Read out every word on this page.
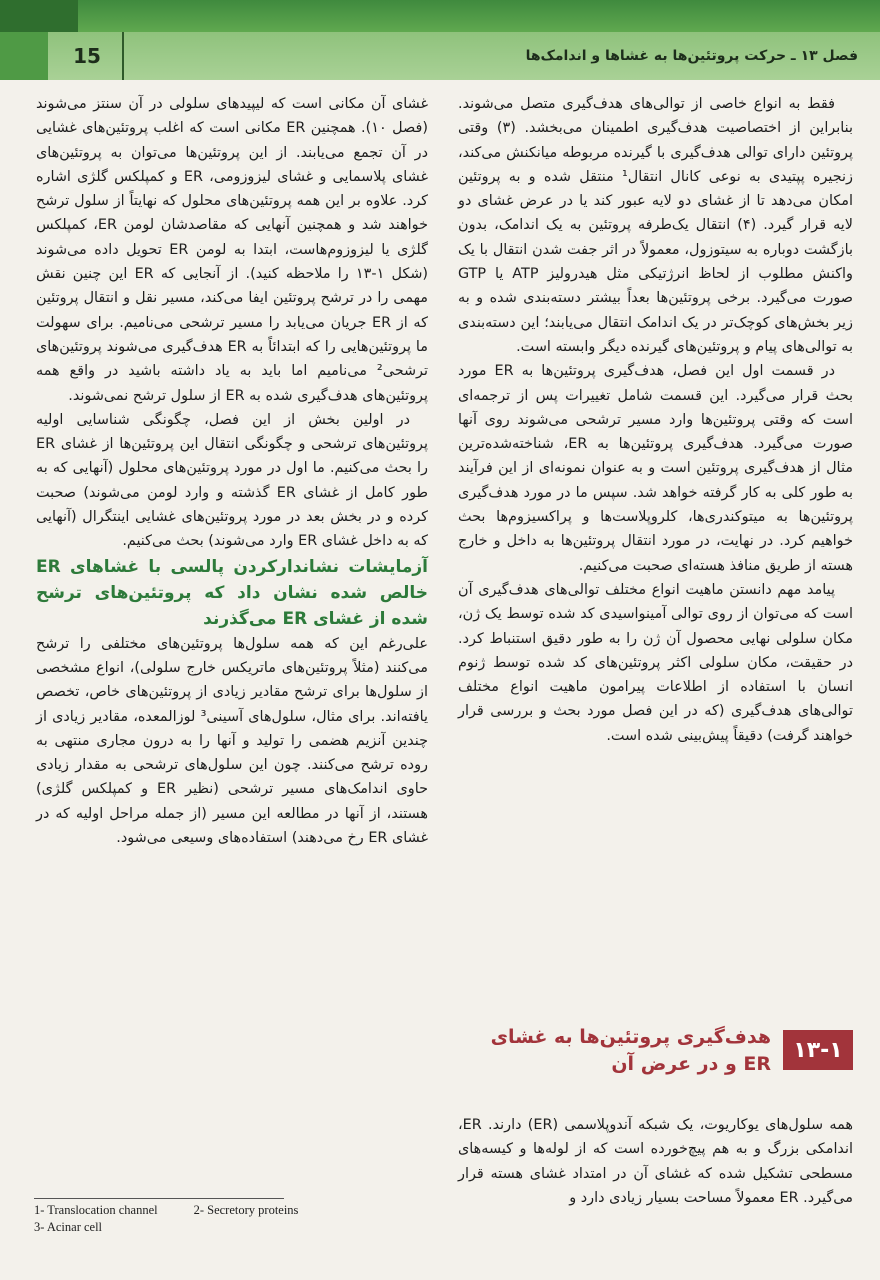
15	فصل ۱۳ ـ حرکت پروتئین‌ها به غشاها و اندامک‌ها

فقط به انواع خاصی از توالی‌های هدف‌گیری متصل می‌شوند. بنابراین از اختصاصیت هدف‌گیری اطمینان می‌بخشد. (۳) وقتی پروتئین دارای توالی هدف‌گیری با گیرنده مربوطه میانکنش می‌کند، زنجیره پپتیدی به نوعی کانال انتقال¹ منتقل شده و به پروتئین امکان می‌دهد تا از غشای دو لایه عبور کند یا در عرض غشای دو لایه قرار گیرد. (۴) انتقال یک‌طرفه پروتئین به یک اندامک، بدون بازگشت دوباره به سیتوزول، معمولاً در اثر جفت شدن انتقال با یک واکنش مطلوب از لحاظ انرژتیکی مثل هیدرولیز ATP یا GTP صورت می‌گیرد. برخی پروتئین‌ها بعداً بیشتر دسته‌بندی شده و به زیر بخش‌های کوچک‌تر در یک اندامک انتقال می‌یابند؛ این دسته‌بندی به توالی‌های پیام و پروتئین‌های گیرنده دیگر وابسته است.

در قسمت اول این فصل، هدف‌گیری پروتئین‌ها به ER مورد بحث قرار می‌گیرد. این قسمت شامل تغییرات پس از ترجمه‌ای است که وقتی پروتئین‌ها وارد مسیر ترشحی می‌شوند روی آنها صورت می‌گیرد. هدف‌گیری پروتئین‌ها به ER، شناخته‌شده‌ترین مثال از هدف‌گیری پروتئین است و به عنوان نمونه‌ای از این فرآیند به طور کلی به کار گرفته خواهد شد. سپس ما در مورد هدف‌گیری پروتئین‌ها به میتوکندری‌ها، کلروپلاست‌ها و پراکسیزوم‌ها بحث خواهیم کرد. در نهایت، در مورد انتقال پروتئین‌ها به داخل و خارج هسته از طریق منافذ هسته‌ای صحبت می‌کنیم.

پیامد مهم دانستن ماهیت انواع مختلف توالی‌های هدف‌گیری آن است که می‌توان از روی توالی آمینواسیدی کد شده توسط یک ژن، مکان سلولی نهایی محصول آن ژن را به طور دقیق استنباط کرد. در حقیقت، مکان سلولی اکثر پروتئین‌های کد شده توسط ژنوم انسان با استفاده از اطلاعات پیرامون ماهیت انواع مختلف توالی‌های هدف‌گیری (که در این فصل مورد بحث و بررسی قرار خواهند گرفت) دقیقاً پیش‌بینی شده است.

۱۳-۱
هدف‌گیری پروتئین‌ها به غشای ER و در عرض آن

همه سلول‌های یوکاریوت، یک شبکه آندوپلاسمی (ER) دارند. ER، اندامکی بزرگ و به هم پیچ‌خورده است که از لوله‌ها و کیسه‌های مسطحی تشکیل شده که غشای آن در امتداد غشای هسته قرار می‌گیرد. ER معمولاً مساحت بسیار زیادی دارد و

غشای آن مکانی است که لیپیدهای سلولی در آن سنتز می‌شوند (فصل ۱۰). همچنین ER مکانی است که اغلب پروتئین‌های غشایی در آن تجمع می‌یابند. از این پروتئین‌ها می‌توان به پروتئین‌های غشای پلاسمایی و غشای لیزوزومی، ER و کمپلکس گلژی اشاره کرد. علاوه بر این همه پروتئین‌های محلول که نهایتاً از سلول ترشح خواهند شد و همچنین آنهایی که مقاصدشان لومن ER، کمپلکس گلژی یا لیزوزوم‌هاست، ابتدا به لومن ER تحویل داده می‌شوند (شکل ۱-۱۳ را ملاحظه کنید). از آنجایی که ER این چنین نقش مهمی را در ترشح پروتئین ایفا می‌کند، مسیر نقل و انتقال پروتئین که از ER جریان می‌یابد را مسیر ترشحی می‌نامیم. برای سهولت ما پروتئین‌هایی را که ابتدائاً به ER هدف‌گیری می‌شوند پروتئین‌های ترشحی² می‌نامیم اما باید به یاد داشته باشید در واقع همه پروتئین‌های هدف‌گیری شده به ER از سلول ترشح نمی‌شوند.

در اولین بخش از این فصل، چگونگی شناسایی اولیه پروتئین‌های ترشحی و چگونگی انتقال این پروتئین‌ها از غشای ER را بحث می‌کنیم. ما اول در مورد پروتئین‌های محلول (آنهایی که به طور کامل از غشای ER گذشته و وارد لومن می‌شوند) صحبت کرده و در بخش بعد در مورد پروتئین‌های غشایی اینتگرال (آنهایی که به داخل غشای ER وارد می‌شوند) بحث می‌کنیم.

آزمایشات نشاندارکردن پالسی با غشاهای ER خالص شده نشان داد که پروتئین‌های ترشح شده از غشای ER می‌گذرند

علی‌رغم این که همه سلول‌ها پروتئین‌های مختلفی را ترشح می‌کنند (مثلاً پروتئین‌های ماتریکس خارج سلولی)، انواع مشخصی از سلول‌ها برای ترشح مقادیر زیادی از پروتئین‌های خاص، تخصص یافته‌اند. برای مثال، سلول‌های آسینی³ لوزالمعده، مقادیر زیادی از چندین آنزیم هضمی را تولید و آنها را به درون مجاری منتهی به روده ترشح می‌کنند. چون این سلول‌های ترشحی به مقدار زیادی حاوی اندامک‌های مسیر ترشحی (نظیر ER و کمپلکس گلژی) هستند، از آنها در مطالعه این مسیر (از جمله مراحل اولیه که در غشای ER رخ می‌دهند) استفاده‌های وسیعی می‌شود.

1- Translocation channel	2- Secretory proteins
3- Acinar cell
